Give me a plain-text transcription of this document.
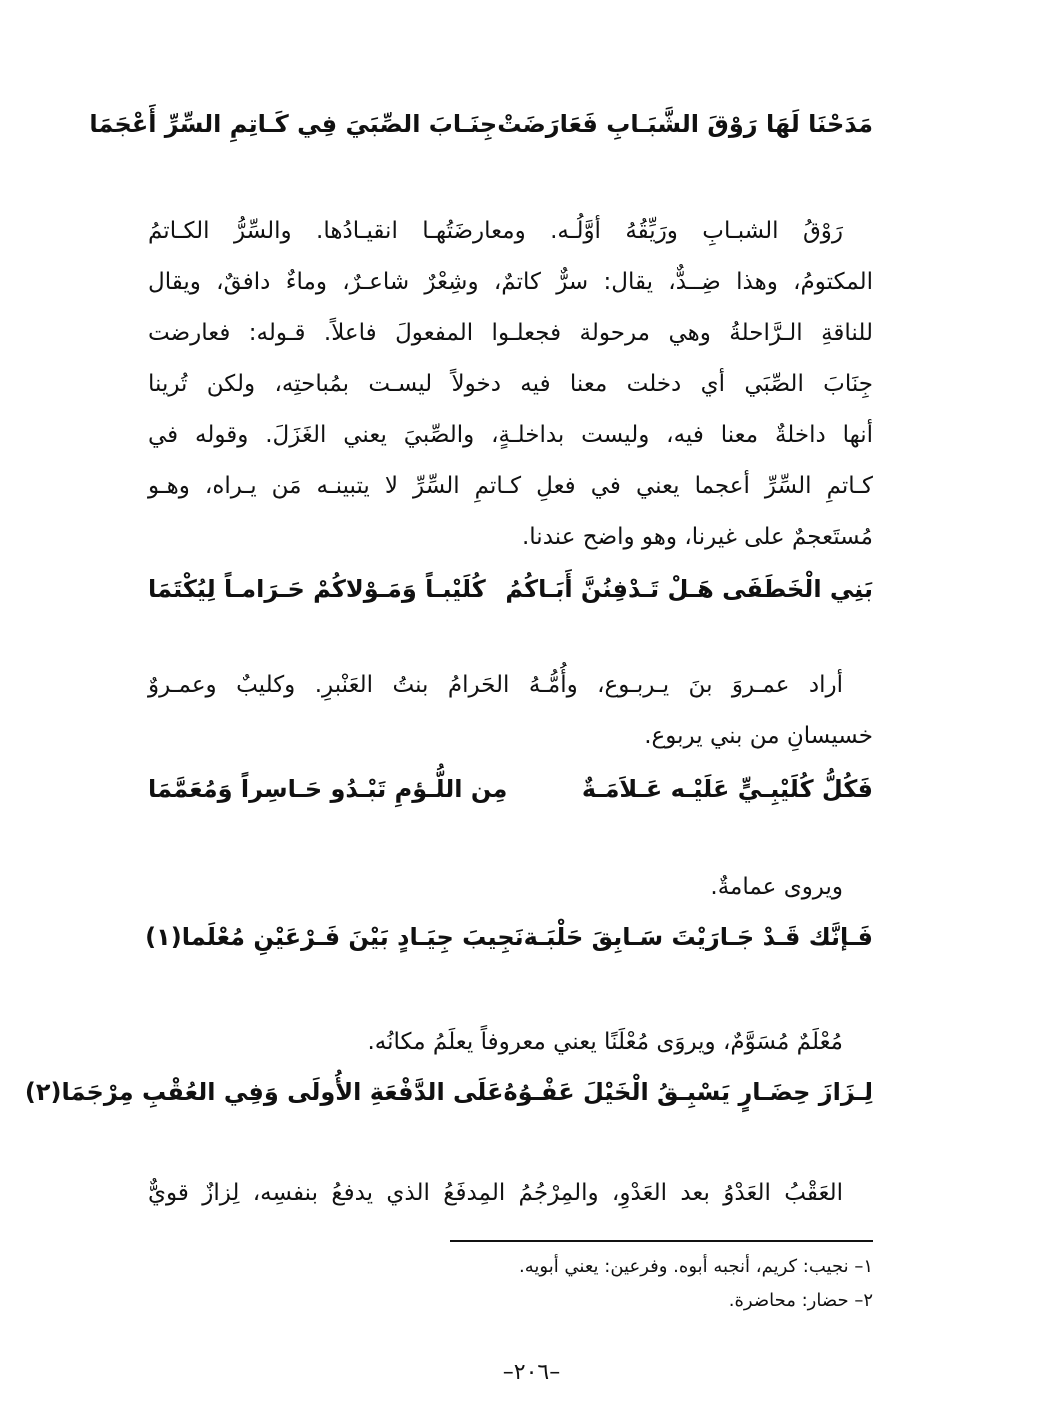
مَدَحْنَا لَهَا رَوْقَ الشَّبَـابِ فَعَارَضَتْ
جِنَـابَ الصِّبَيَ فِي كَـاتِمِ السِّرِّ أَعْجَمَا
رَوْقُ الشبـابِ ورَيِّقُهُ أوَّلُـه. ومعارضَتُهـا انقيـادُها. والسِّرُّ الكـاتمُ
المكتومُ، وهذا ضِــدٌّ، يقال: سرٌّ كاتمٌ، وشِعْرٌ شاعـرٌ، وماءٌ دافقٌ، ويقال
للناقةِ الـرَّاحلةُ وهي مرحولة فجعلـوا المفعولَ فاعلاً. قـوله: فعارضت
جِنَابَ الصِّبَي أي دخلت معنا فيه دخولاً ليسـت بمُباحتِه، ولكن تُرينا
أنها داخلةٌ معنا فيه، وليست بداخلـةٍ، والصِّبيَ يعني الغَزَلَ. وقوله في
كـاتمِ السِّرِّ أعجما يعني في فعلِ كـاتمِ السِّرِّ لا يتبينـه مَن يـراه، وهـو
مُستَعجمٌ على غيرنا، وهو واضح عندنا.
بَنِي الْخَطَفَى هَـلْ تَـدْفِنُنَّ أَبَـاكُمُ
كُلَيْبـاً وَمَـوْلاكُمْ حَـرَامـاً لِيُكْتَمَا
أراد عمـروَ بنَ يـربـوع، وأُمُّـهُ الحَرامُ بنتُ العَنْبرِ. وكليبٌ وعمـروٌ
خسيسانِ من بني يربوع.
فَكُلُّ كُلَيْبِـيٍّ عَلَيْـه عَـلاَمَـةٌ
مِن اللُّـؤمِ تَبْـدُو حَـاسِراً وَمُعَمَّمَا
ويروى عمامةٌ.
فَـإنَّك قَـدْ جَـارَيْتَ سَـابِقَ حَلْبَـة
نَجِيبَ جِيَـادٍ بَيْنَ فَـرْعَيْنِ مُعْلَما(١)
مُعْلَمٌ مُسَوَّمٌ، ويروَى مُعْلَنًا يعني معروفاً يعلَمُ مكانُه.
لِـزَازَ حِضَـارٍ يَسْبِـقُ الْخَيْلَ عَفْـوُهُ
عَلَى الدَّفْعَةِ الأُولَى وَفِي العُقْبِ مِرْجَمَا(٢)
العَقْبُ العَدْوُ بعد العَدْوِ، والمِرْجُمُ المِدفَعُ الذي يدفعُ بنفسِه، لِزازٌ قويٌّ
١– نجيب: كريم، أنجبه أبوه. وفرعين: يعني أبويه.
٢– حضار: محاضرة.
–٢٠٦–
